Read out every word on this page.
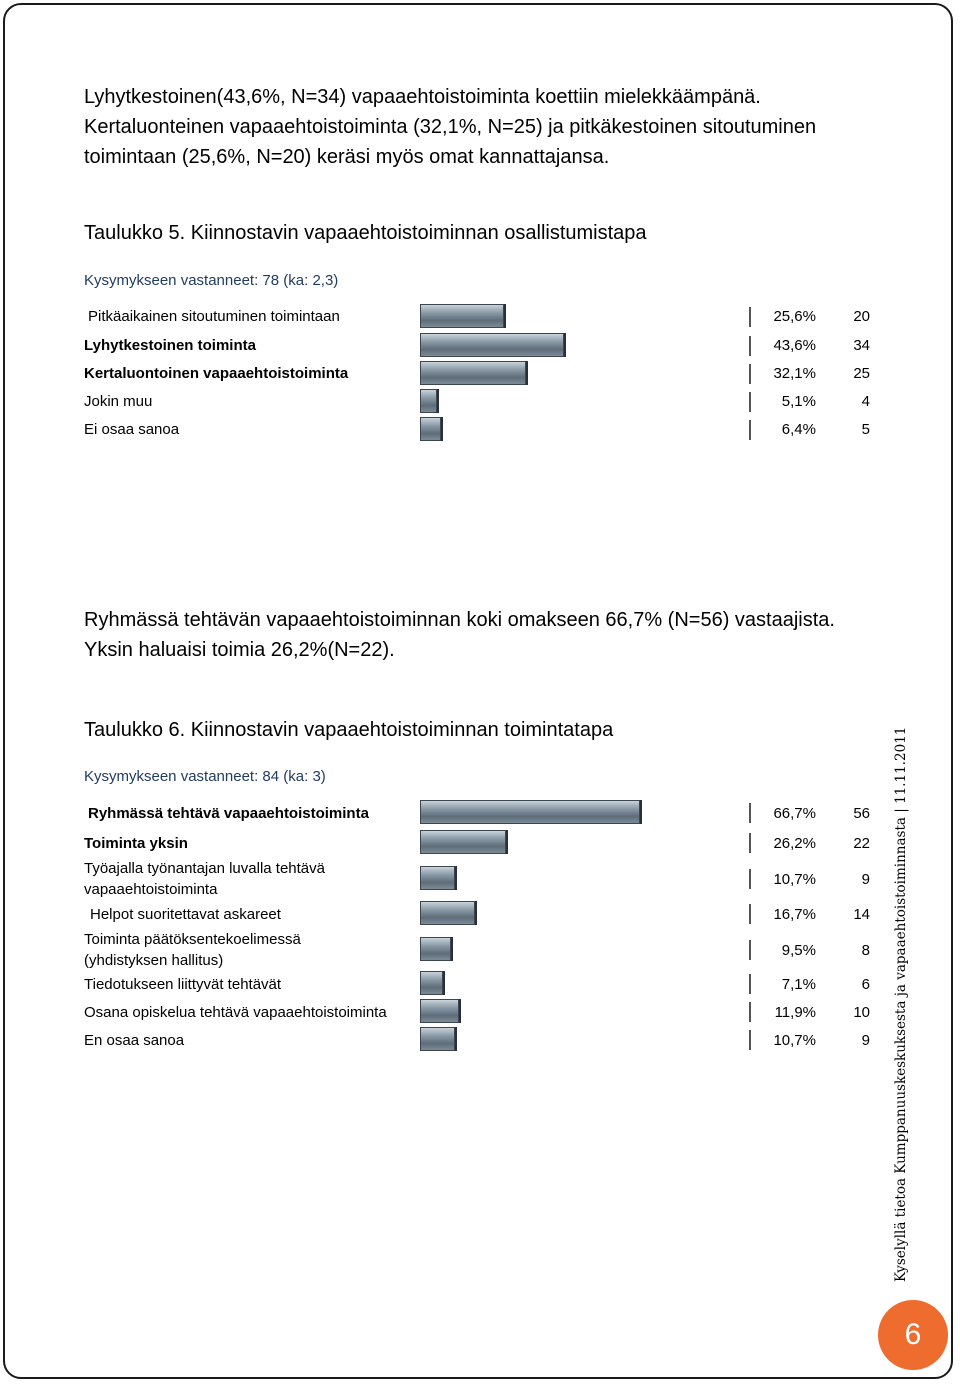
Lyhytkestoinen(43,6%, N=34) vapaaehtoistoiminta koettiin mielekkäämpänä.

Kertaluonteinen vapaaehtoistoiminta (32,1%, N=25) ja pitkäkestoinen sitoutuminen

toimintaan (25,6%, N=20) keräsi myös omat kannattajansa.

Taulukko 5. Kiinnostavin vapaaehtoistoiminnan osallistumistapa

Kysymykseen vastanneet: 78 (ka: 2,3)

Pitkäaikainen sitoutuminen toimintaan	25,6%	20
Lyhytkestoinen toiminta	43,6%	34
Kertaluontoinen vapaaehtoistoiminta	32,1%	25
Jokin muu	5,1%	4
Ei osaa sanoa	6,4%	5

Ryhmässä tehtävän vapaaehtoistoiminnan koki omakseen 66,7% (N=56) vastaajista.

Yksin haluaisi toimia 26,2%(N=22).

Taulukko 6. Kiinnostavin vapaaehtoistoiminnan toimintatapa

Kysymykseen vastanneet: 84 (ka: 3)

Ryhmässä tehtävä vapaaehtoistoiminta	66,7%	56
Toiminta yksin	26,2%	22
Työajalla työnantajan luvalla tehtävä
vapaaehtoistoiminta
10,7%	9
Helpot suoritettavat askareet	16,7%	14
Toiminta päätöksentekoelimessä
(yhdistyksen hallitus)
9,5%	8
Tiedotukseen liittyvät tehtävät	7,1%	6
Osana opiskelua tehtävä vapaaehtoistoiminta	11,9%	10
En osaa sanoa	10,7%	9 Kyselyllä tietoa Kumppanuuskeskuksesta ja vapaaehtoistoiminnasta | 11.11.2011
6
